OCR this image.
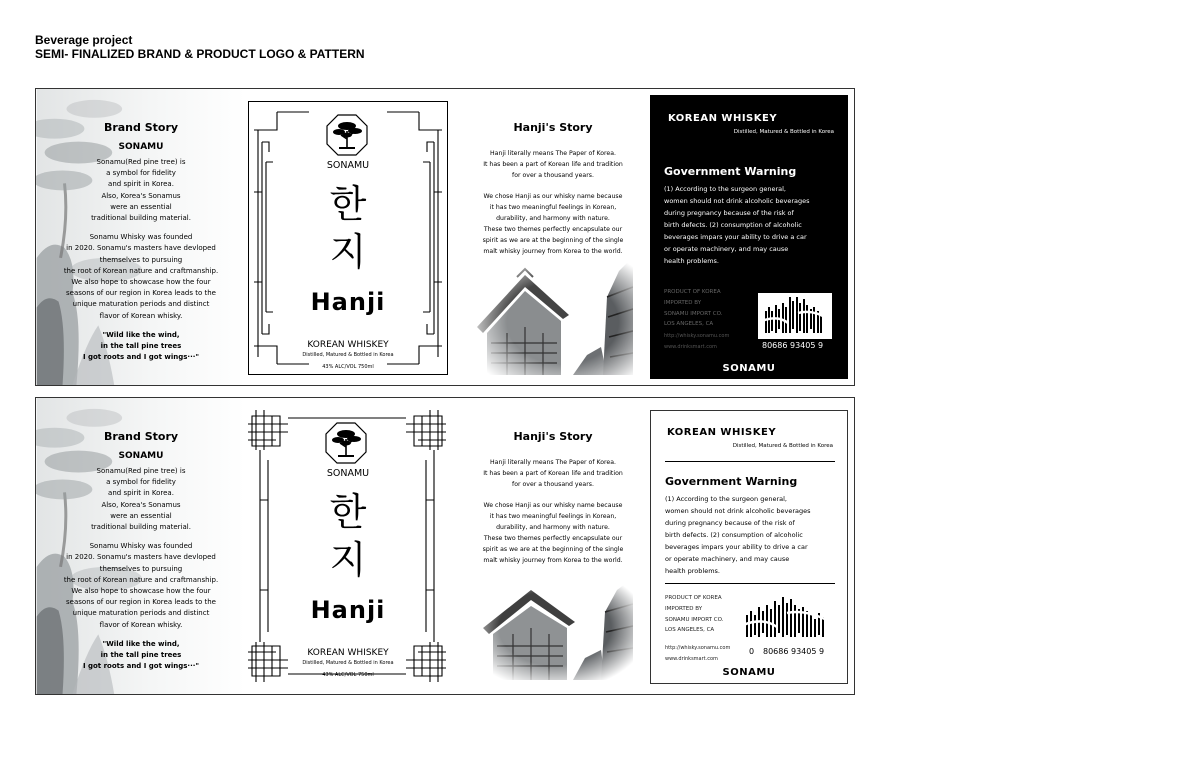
Beverage project
SEMI- FINALIZED BRAND & PRODUCT LOGO & PATTERN
Brand Story
SONAMU

Sonamu(Red pine tree) is
a symbol for fidelity
and spirit in Korea.
Also, Korea's Sonamus
were an essential
traditional building material.

Sonamu Whisky was founded
in 2020. Sonamu's masters have devloped
themselves to pursuing
the root of Korean nature and craftmanship.
We also hope to showcase how the four
seasons of our region in Korea leads to the
unique maturation periods and distinct
flavor of Korean whisky.

"Wild like the wind,
in the tall pine trees
I got roots and I got wings···"
SONAMU
한
지
Hanji
KOREAN WHISKEY
Distilled, Matured & Bottled in Korea
43% ALC/VOL 750ml
Hanji's Story

Hanji literally means The Paper of Korea.
It has been a part of Korean life and tradition
for over a thousand years.

We chose Hanji as our whisky name because
it has two meaningful feelings in Korean,
durability, and harmony with nature.
These two themes perfectly encapsulate our
spirit as we are at the beginning of the single
malt whisky journey from Korea to the world.

KOREAN WHISKEY
Distilled, Matured & Bottled in Korea
Government Warning
(1) According to the surgeon general,
women should not drink alcoholic beverages
during pregnancy because of the risk of
birth defects. (2) consumption of alcoholic
beverages impars your ability to drive a car
or operate machinery, and may cause
health problems.
PRODUCT OF KOREA
IMPORTED BY
SONAMU IMPORT CO.
LOS ANGELES, CA
http://whisky.sonamu.com
www.drinksmart.com	80686 93405 9
SONAMU
Brand Story
SONAMU

Sonamu(Red pine tree) is
a symbol for fidelity
and spirit in Korea.
Also, Korea's Sonamus
were an essential
traditional building material.

Sonamu Whisky was founded
in 2020. Sonamu's masters have devloped
themselves to pursuing
the root of Korean nature and craftmanship.
We also hope to showcase how the four
seasons of our region in Korea leads to the
unique maturation periods and distinct
flavor of Korean whisky.

"Wild like the wind,
in the tall pine trees
I got roots and I got wings···"
SONAMU
한
지
Hanji
KOREAN WHISKEY
Distilled, Matured & Bottled in Korea
43% ALC/VOL 750ml
Hanji's Story

Hanji literally means The Paper of Korea.
It has been a part of Korean life and tradition
for over a thousand years.

We chose Hanji as our whisky name because
it has two meaningful feelings in Korean,
durability, and harmony with nature.
These two themes perfectly encapsulate our
spirit as we are at the beginning of the single
malt whisky journey from Korea to the world.

KOREAN WHISKEY
Distilled, Matured & Bottled in Korea
Government Warning
(1) According to the surgeon general,
women should not drink alcoholic beverages
during pregnancy because of the risk of
birth defects. (2) consumption of alcoholic
beverages impars your ability to drive a car
or operate machinery, and may cause
health problems.
PRODUCT OF KOREA
IMPORTED BY
SONAMU IMPORT CO.
LOS ANGELES, CA
http://whisky.sonamu.com
www.drinksmart.com
0 80686 93405 9
SONAMU
